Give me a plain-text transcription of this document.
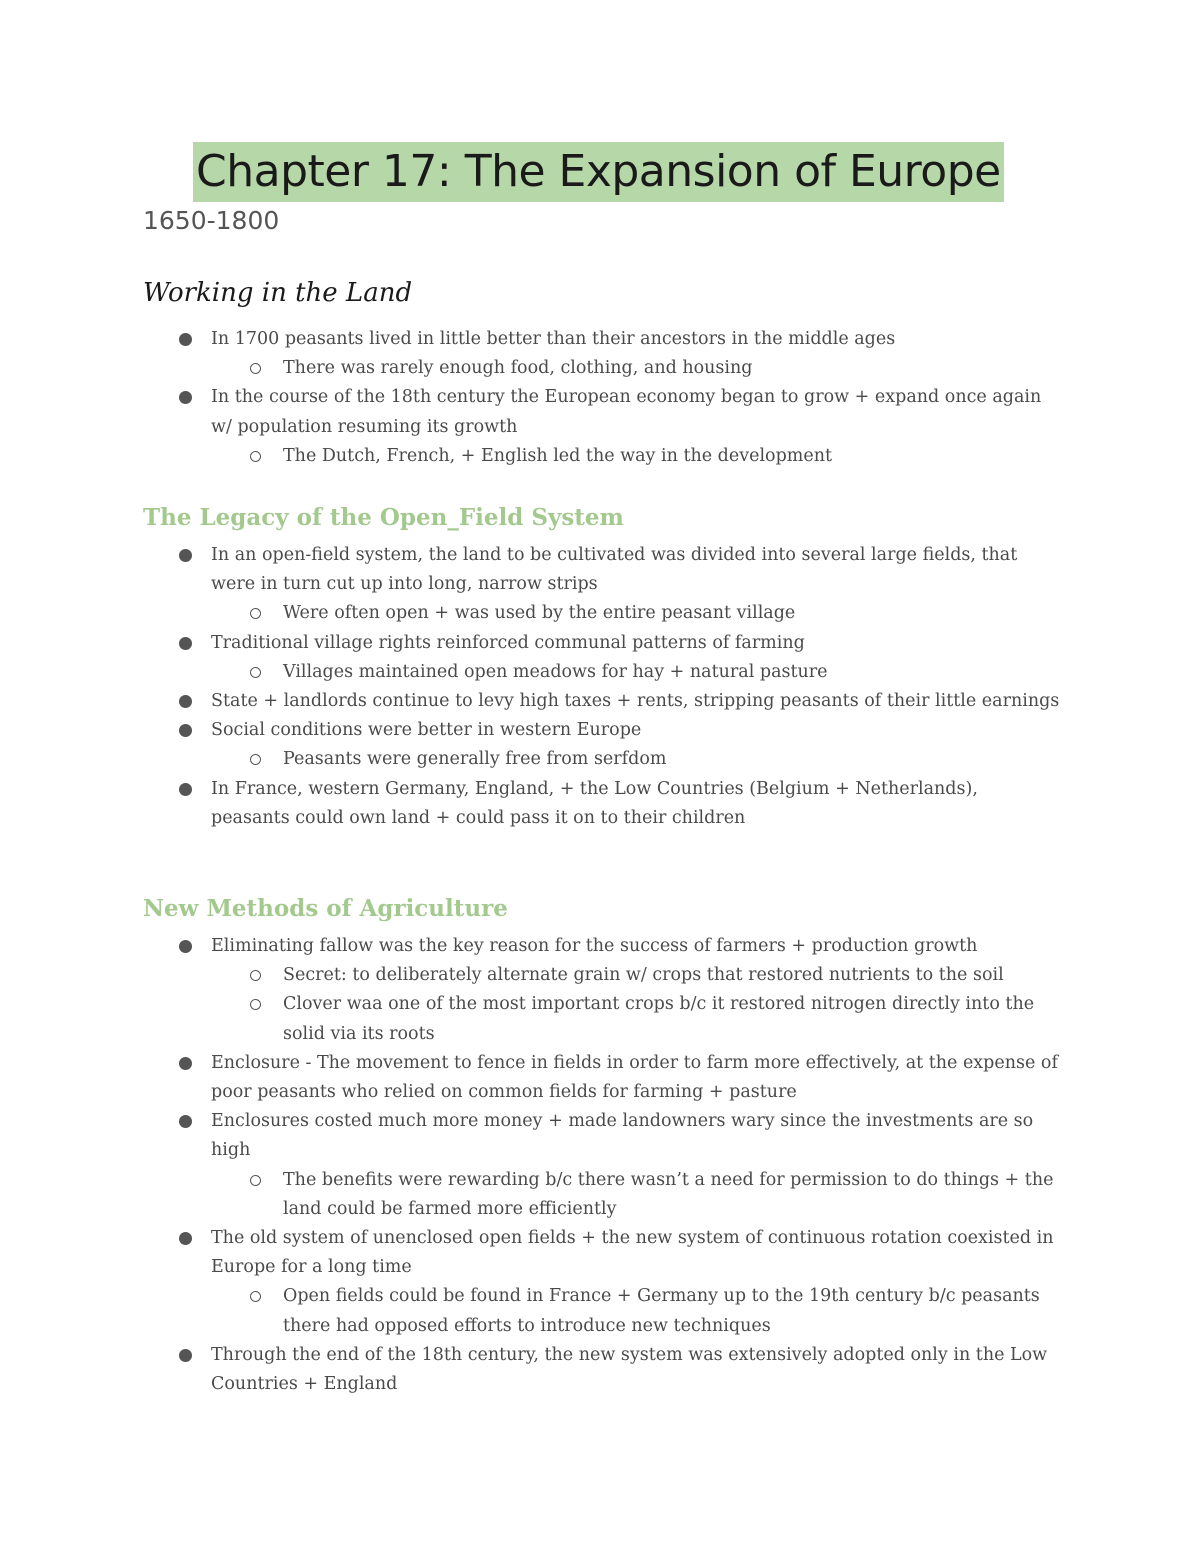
Chapter 17: The Expansion of Europe
1650-1800
Working in the Land
In 1700 peasants lived in little better than their ancestors in the middle ages
There was rarely enough food, clothing, and housing
In the course of the 18th century the European economy began to grow + expand once again w/ population resuming its growth
The Dutch, French, + English led the way in the development
The Legacy of the Open_Field System
In an open-field system, the land to be cultivated was divided into several large fields, that were in turn cut up into long, narrow strips
Were often open + was used by the entire peasant village
Traditional village rights reinforced communal patterns of farming
Villages maintained open meadows for hay + natural pasture
State + landlords continue to levy high taxes + rents, stripping peasants of their little earnings
Social conditions were better in western Europe
Peasants were generally free from serfdom
In France, western Germany, England, + the Low Countries (Belgium + Netherlands), peasants could own land + could pass it on to their children
New Methods of Agriculture
Eliminating fallow was the key reason for the success of farmers + production growth
Secret: to deliberately alternate grain w/ crops that restored nutrients to the soil
Clover waa one of the most important crops b/c it restored nitrogen directly into the solid via its roots
Enclosure - The movement to fence in fields in order to farm more effectively, at the expense of poor peasants who relied on common fields for farming + pasture
Enclosures costed much more money + made landowners wary since the investments are so high
The benefits were rewarding b/c there wasn’t a need for permission to do things + the land could be farmed more efficiently
The old system of unenclosed open fields + the new system of continuous rotation coexisted in Europe for a long time
Open fields could be found in France + Germany up to the 19th century b/c peasants there had opposed efforts to introduce new techniques
Through the end of the 18th century, the new system was extensively adopted only in the Low Countries + England
